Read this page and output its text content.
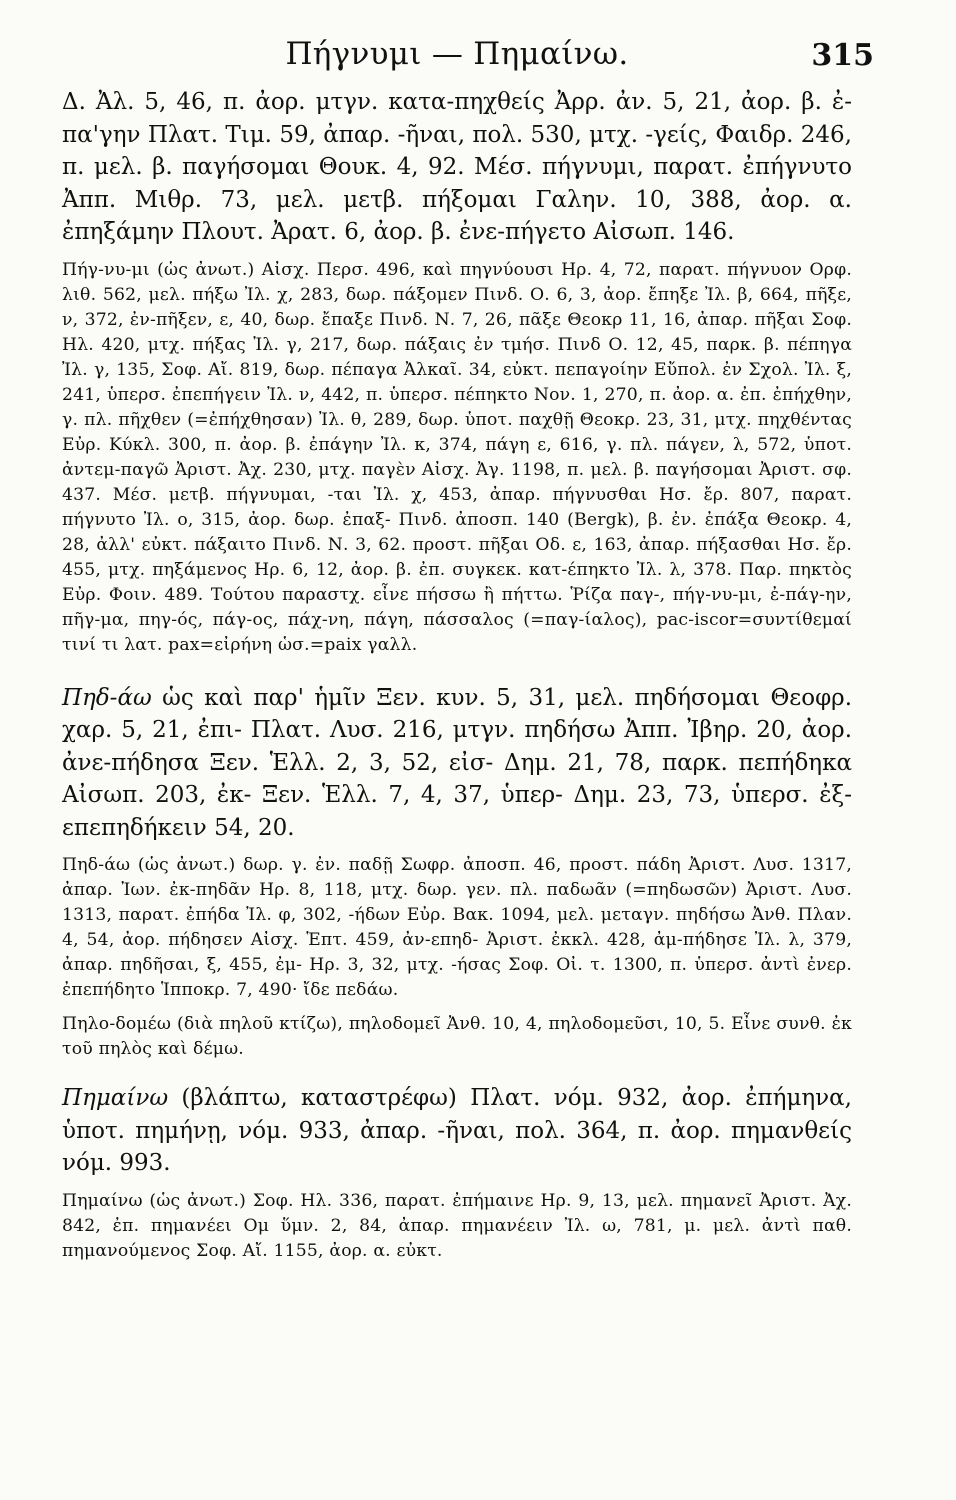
Πήγνυμι — Πημαίνω.	315

Δ. Ἀλ. 5, 46, π. ἀορ. μτγν. κατα-πηχθείς Ἀρρ. ἀν. 5, 21, ἀορ. β. ἐ-πα'γην Πλατ. Τιμ. 59, ἀπαρ. -ῆναι, πολ. 530, μτχ. -γείς, Φαιδρ. 246, π. μελ. β. παγήσομαι Θουκ. 4, 92. Μέσ. πήγνυμι, παρατ. ἐπήγνυτο Ἀππ. Μιθρ. 73, μελ. μετβ. πήξομαι Γαλην. 10, 388, ἀορ. α. ἐπηξάμην Πλουτ. Ἀρατ. 6, ἀορ. β. ἐνε-πήγετο Αἰσωπ. 146.

Πήγ-νυ-μι (ὡς ἀνωτ.) Αἰσχ. Περσ. 496, καὶ πηγνύουσι Ηρ. 4, 72, παρατ. πήγνυον Ορφ. λιθ. 562, μελ. πήξω Ἰλ. χ, 283, δωρ. πάξομεν Πινδ. Ο. 6, 3, ἀορ. ἔπηξε Ἰλ. β, 664, πῆξε, ν, 372, ἐν-πῆξεν, ε, 40, δωρ. ἔπαξε Πινδ. Ν. 7, 26, πᾶξε Θεοκρ 11, 16, ἀπαρ. πῆξαι Σοφ. Ηλ. 420, μτχ. πήξας Ἰλ. γ, 217, δωρ. πάξαις ἐν τμήσ. Πινδ Ο. 12, 45, παρκ. β. πέπηγα Ἰλ. γ, 135, Σοφ. Αἴ. 819, δωρ. πέπαγα Ἀλκαῖ. 34, εὐκτ. πεπαγοίην Εὔπολ. ἐν Σχολ. Ἰλ. ξ, 241, ὑπερσ. ἐπεπήγειν Ἰλ. ν, 442, π. ὑπερσ. πέπηκτο Νον. 1, 270, π. ἀορ. α. ἐπ. ἐπήχθην, γ. πλ. πῆχθεν (=ἐπήχθησαν) Ἰλ. θ, 289, δωρ. ὑποτ. παχθῇ Θεοκρ. 23, 31, μτχ. πηχθέντας Εὐρ. Κύκλ. 300, π. ἀορ. β. ἐπάγην Ἰλ. κ, 374, πάγη ε, 616, γ. πλ. πάγεν, λ, 572, ὑποτ. ἀντεμ-παγῶ Ἀριστ. Ἀχ. 230, μτχ. παγὲν Αἰσχ. Ἀγ. 1198, π. μελ. β. παγήσομαι Ἀριστ. σφ. 437. Μέσ. μετβ. πήγνυμαι, -ται Ἰλ. χ, 453, ἀπαρ. πήγνυσθαι Ησ. ἔρ. 807, παρατ. πήγνυτο Ἰλ. ο, 315, ἀορ. δωρ. ἐπαξ- Πινδ. ἀποσπ. 140 (Bergk), β. ἐν. ἐπάξα Θεοκρ. 4, 28, ἀλλ' εὐκτ. πάξαιτο Πινδ. Ν. 3, 62. προστ. πῆξαι Οδ. ε, 163, ἀπαρ. πήξασθαι Ησ. ἔρ. 455, μτχ. πηξάμενος Ηρ. 6, 12, ἀορ. β. ἐπ. συγκεκ. κατ-έπηκτο Ἰλ. λ, 378. Παρ. πηκτὸς Εὐρ. Φοιν. 489. Τούτου παραστχ. εἶνε πήσσω ἢ πήττω. Ῥίζα παγ-, πήγ-νυ-μι, ἐ-πάγ-ην, πῆγ-μα, πηγ-ός, πάγ-ος, πάχ-νη, πάγη, πάσσαλος (=παγ-ίαλος), pac-iscor=συντίθεμαί τινί τι λατ. pax=εἰρήνη ὡσ.=paix γαλλ.

Πηδ-άω ὡς καὶ παρ' ἡμῖν Ξεν. κυν. 5, 31, μελ. πηδήσομαι Θεοφρ. χαρ. 5, 21, ἐπι- Πλατ. Λυσ. 216, μτγν. πηδήσω Ἀππ. Ἰβηρ. 20, ἀορ. ἀνε-πήδησα Ξεν. Ἑλλ. 2, 3, 52, εἰσ- Δημ. 21, 78, παρκ. πεπήδηκα Αἰσωπ. 203, ἐκ- Ξεν. Ἑλλ. 7, 4, 37, ὑπερ- Δημ. 23, 73, ὑπερσ. ἐξ-επεπηδήκειν 54, 20.

Πηδ-άω (ὡς ἀνωτ.) δωρ. γ. ἐν. παδῇ Σωφρ. ἀποσπ. 46, προστ. πάδη Ἀριστ. Λυσ. 1317, ἀπαρ. Ἰων. ἐκ-πηδᾶν Ηρ. 8, 118, μτχ. δωρ. γεν. πλ. παδωᾶν (=πηδωσῶν) Ἀριστ. Λυσ. 1313, παρατ. ἐπήδα Ἰλ. φ, 302, -ήδων Εὐρ. Βακ. 1094, μελ. μεταγν. πηδήσω Ἀνθ. Πλαν. 4, 54, ἀορ. πήδησεν Αἰσχ. Ἑπτ. 459, ἀν-επηδ- Ἀριστ. ἐκκλ. 428, ἀμ-πήδησε Ἰλ. λ, 379, ἀπαρ. πηδῆσαι, ξ, 455, ἐμ- Ηρ. 3, 32, μτχ. -ήσας Σοφ. Οἰ. τ. 1300, π. ὑπερσ. ἀντὶ ἐνερ. ἐπεπήδητο Ἱπποκρ. 7, 490· ἴδε πεδάω.

Πηλο-δομέω (διὰ πηλοῦ κτίζω), πηλοδομεῖ Ἀνθ. 10, 4, πηλοδομεῦσι, 10, 5. Εἶνε συνθ. ἐκ τοῦ πηλὸς καὶ δέμω.

Πημαίνω (βλάπτω, καταστρέφω) Πλατ. νόμ. 932, ἀορ. ἐπήμηνα, ὑποτ. πημήνῃ, νόμ. 933, ἀπαρ. -ῆναι, πολ. 364, π. ἀορ. πημανθείς νόμ. 993.

Πημαίνω (ὡς ἀνωτ.) Σοφ. Ηλ. 336, παρατ. ἐπήμαινε Ηρ. 9, 13, μελ. πημανεῖ Ἀριστ. Ἀχ. 842, ἐπ. πημανέει Ομ ὕμν. 2, 84, ἀπαρ. πημανέειν Ἰλ. ω, 781, μ. μελ. ἀντὶ παθ. πημανούμενος Σοφ. Αἴ. 1155, ἀορ. α. εὐκτ.
